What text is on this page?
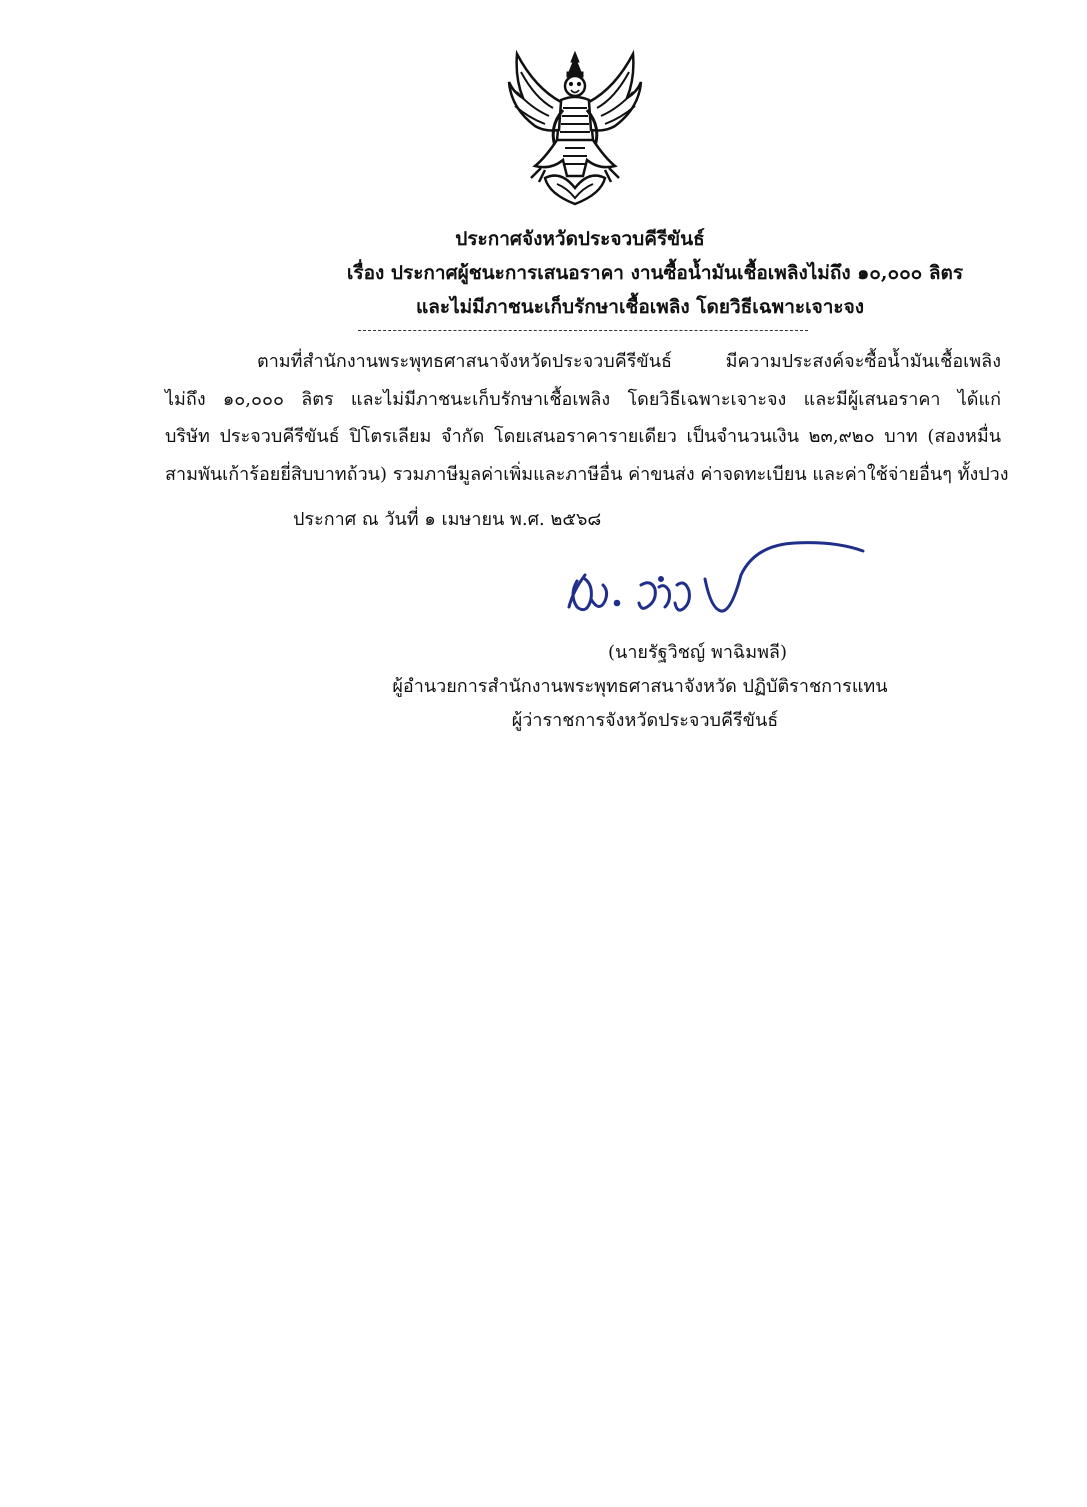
ประกาศจังหวัดประจวบคีรีขันธ์
เรื่อง ประกาศผู้ชนะการเสนอราคา งานซื้อน้ำมันเชื้อเพลิงไม่ถึง ๑๐,๐๐๐ ลิตร
และไม่มีภาชนะเก็บรักษาเชื้อเพลิง โดยวิธีเฉพาะเจาะจง
ตามที่สำนักงานพระพุทธศาสนาจังหวัดประจวบคีรีขันธ์ มีความประสงค์จะซื้อน้ำมันเชื้อเพลิง
ไม่ถึง ๑๐,๐๐๐ ลิตร และไม่มีภาชนะเก็บรักษาเชื้อเพลิง โดยวิธีเฉพาะเจาะจง และมีผู้เสนอราคา ได้แก่
บริษัท ประจวบคีรีขันธ์ ปิโตรเลียม จำกัด โดยเสนอราคารายเดียว เป็นจำนวนเงิน ๒๓,๙๒๐ บาท (สองหมื่น
สามพันเก้าร้อยยี่สิบบาทถ้วน) รวมภาษีมูลค่าเพิ่มและภาษีอื่น ค่าขนส่ง ค่าจดทะเบียน และค่าใช้จ่ายอื่นๆ ทั้งปวง
ประกาศ ณ วันที่ ๑ เมษายน พ.ศ. ๒๕๖๘
(นายรัฐวิชญ์ พาฉิมพลี)
ผู้อำนวยการสำนักงานพระพุทธศาสนาจังหวัด ปฏิบัติราชการแทน
ผู้ว่าราชการจังหวัดประจวบคีรีขันธ์
